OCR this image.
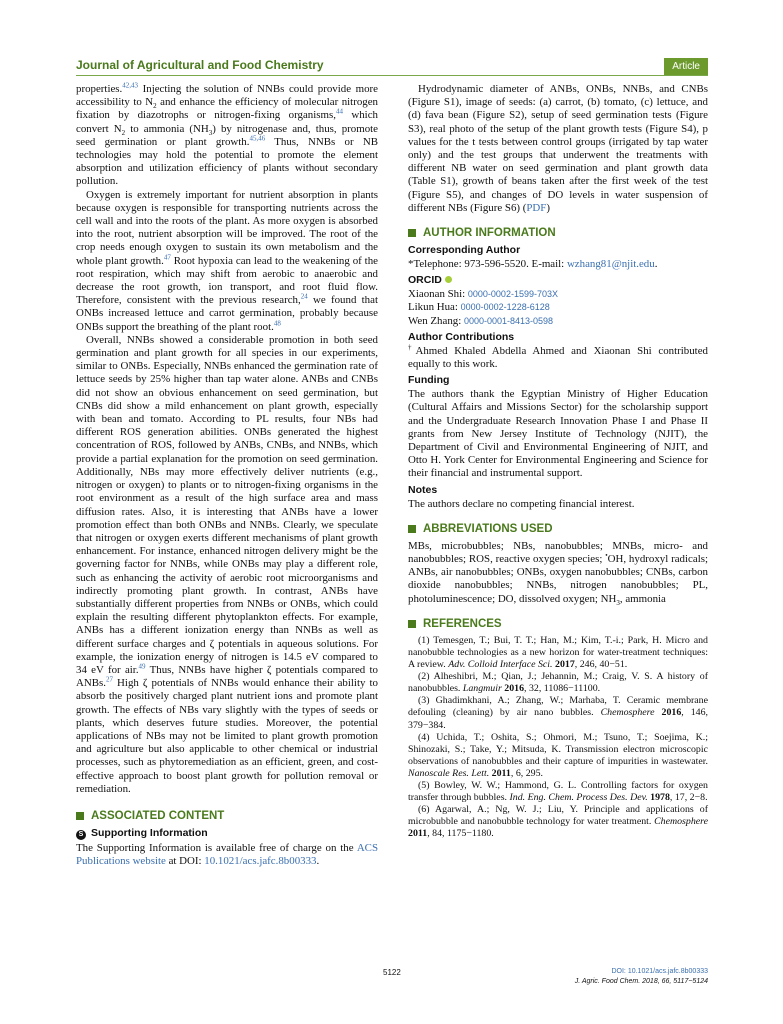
Journal of Agricultural and Food Chemistry	Article

properties.$^{42,43}$ Injecting the solution of NNBs could provide more accessibility to $N_2$ and enhance the efficiency of molecular nitrogen fixation by diazotrophs or nitrogen-fixing organisms,$^{44}$ which convert $N_2$ to ammonia $(NH_3)$ by nitrogenase and, thus, promote seed germination or plant growth.$^{45,46}$ Thus, NNBs or NB technologies may hold the potential to promote the element absorption and utilization efficiency of plants without secondary pollution.

Oxygen is extremely important for nutrient absorption in plants because oxygen is responsible for transporting nutrients across the cell wall and into the roots of the plant. As more oxygen is absorbed into the root, nutrient absorption will be improved. The root of the crop needs enough oxygen to sustain its own metabolism and the whole plant growth.$^{47}$ Root hypoxia can lead to the weakening of the root respiration, which may shift from aerobic to anaerobic and decrease the root growth, ion transport, and root fluid flow. Therefore, consistent with the previous research,$^{24}$ we found that ONBs increased lettuce and carrot germination, probably because ONBs support the breathing of the plant root.$^{48}$

Overall, NNBs showed a considerable promotion in both seed germination and plant growth for all species in our experiments, similar to ONBs. Especially, NNBs enhanced the germination rate of lettuce seeds by 25% higher than tap water alone. ANBs and CNBs did not show an obvious enhancement on seed germination, but CNBs did show a mild enhancement on plant growth, especially with bean and tomato. According to PL results, four NBs had different ROS generation abilities. ONBs generated the highest concentration of ROS, followed by ANBs, CNBs, and NNBs, which provide a partial explanation for the promotion on seed germination. Additionally, NBs may more effectively deliver nutrients (e.g., nitrogen or oxygen) to plants or to nitrogen-fixing organisms in the root environment as a result of the high surface area and mass diffusion rates. Also, it is interesting that ANBs have a lower promotion effect than both ONBs and NNBs. Clearly, we speculate that nitrogen or oxygen exerts different mechanisms of plant growth enhancement. For instance, enhanced nitrogen delivery might be the governing factor for NNBs, while ONBs may play a different role, such as enhancing the activity of aerobic root microorganisms and indirectly promoting plant growth. In contrast, ANBs have substantially different properties from NNBs or ONBs, which could explain the resulting different phytoplankton effects. For example, ANBs has a different ionization energy than NNBs as well as different surface charges and ζ potentials in aqueous solutions. For example, the ionization energy of nitrogen is 14.5 eV compared to 34 eV for air.$^{49}$ Thus, NNBs have higher ζ potentials compared to ANBs.$^{27}$ High ζ potentials of NNBs would enhance their ability to absorb the positively charged plant nutrient ions and promote plant growth. The effects of NBs vary slightly with the types of seeds or plants, which deserves future studies. Moreover, the potential applications of NBs may not be limited to plant growth promotion and agriculture but also applicable to other chemical or industrial processes, such as phytoremediation as an efficient, green, and cost-effective approach to boost plant growth for pollution removal or remediation.

ASSOCIATED CONTENT
S Supporting Information

The Supporting Information is available free of charge on the ACS Publications website at DOI: 10.1021/acs.jafc.8b00333.

Hydrodynamic diameter of ANBs, ONBs, NNBs, and CNBs (Figure S1), image of seeds: (a) carrot, (b) tomato, (c) lettuce, and (d) fava bean (Figure S2), setup of seed germination tests (Figure S3), real photo of the setup of the plant growth tests (Figure S4), p values for the t tests between control groups (irrigated by tap water only) and the test groups that underwent the treatments with different NB water on seed germination and plant growth data (Table S1), growth of beans taken after the first week of the test (Figure S5), and changes of DO levels in water suspension of different NBs (Figure S6) (PDF)

AUTHOR INFORMATION
Corresponding Author

*Telephone: 973-596-5520. E-mail: wzhang81@njit.edu.

ORCID

Xiaonan Shi: 0000-0002-1599-703X

Likun Hua: 0000-0002-1228-6128

Wen Zhang: 0000-0001-8413-0598

Author Contributions

†Ahmed Khaled Abdella Ahmed and Xiaonan Shi contributed equally to this work.

Funding

The authors thank the Egyptian Ministry of Higher Education (Cultural Affairs and Missions Sector) for the scholarship support and the Undergraduate Research Innovation Phase I and Phase II grants from New Jersey Institute of Technology (NJIT), the Department of Civil and Environmental Engineering of NJIT, and Otto H. York Center for Environmental Engineering and Science for their financial and instrumental support.

Notes

The authors declare no competing financial interest.

ABBREVIATIONS USED

MBs, microbubbles; NBs, nanobubbles; MNBs, micro- and nanobubbles; ROS, reactive oxygen species; •OH, hydroxyl radicals; ANBs, air nanobubbles; ONBs, oxygen nanobubbles; CNBs, carbon dioxide nanobubbles; NNBs, nitrogen nanobubbles; PL, photoluminescence; DO, dissolved oxygen; $NH_3$, ammonia

REFERENCES

(1) Temesgen, T.; Bui, T. T.; Han, M.; Kim, T.-i.; Park, H. Micro and nanobubble technologies as a new horizon for water-treatment techniques: A review. Adv. Colloid Interface Sci. 2017, 246, 40−51.

(2) Alheshibri, M.; Qian, J.; Jehannin, M.; Craig, V. S. A history of nanobubbles. Langmuir 2016, 32, 11086−11100.

(3) Ghadimkhani, A.; Zhang, W.; Marhaba, T. Ceramic membrane defouling (cleaning) by air nano bubbles. Chemosphere 2016, 146, 379−384.

(4) Uchida, T.; Oshita, S.; Ohmori, M.; Tsuno, T.; Soejima, K.; Shinozaki, S.; Take, Y.; Mitsuda, K. Transmission electron microscopic observations of nanobubbles and their capture of impurities in wastewater. Nanoscale Res. Lett. 2011, 6, 295.

(5) Bowley, W. W.; Hammond, G. L. Controlling factors for oxygen transfer through bubbles. Ind. Eng. Chem. Process Des. Dev. 1978, 17, 2−8.

(6) Agarwal, A.; Ng, W. J.; Liu, Y. Principle and applications of microbubble and nanobubble technology for water treatment. Chemosphere 2011, 84, 1175−1180.

5122	DOI: 10.1021/acs.jafc.8b00333
J. Agric. Food Chem. 2018, 66, 5117−5124
